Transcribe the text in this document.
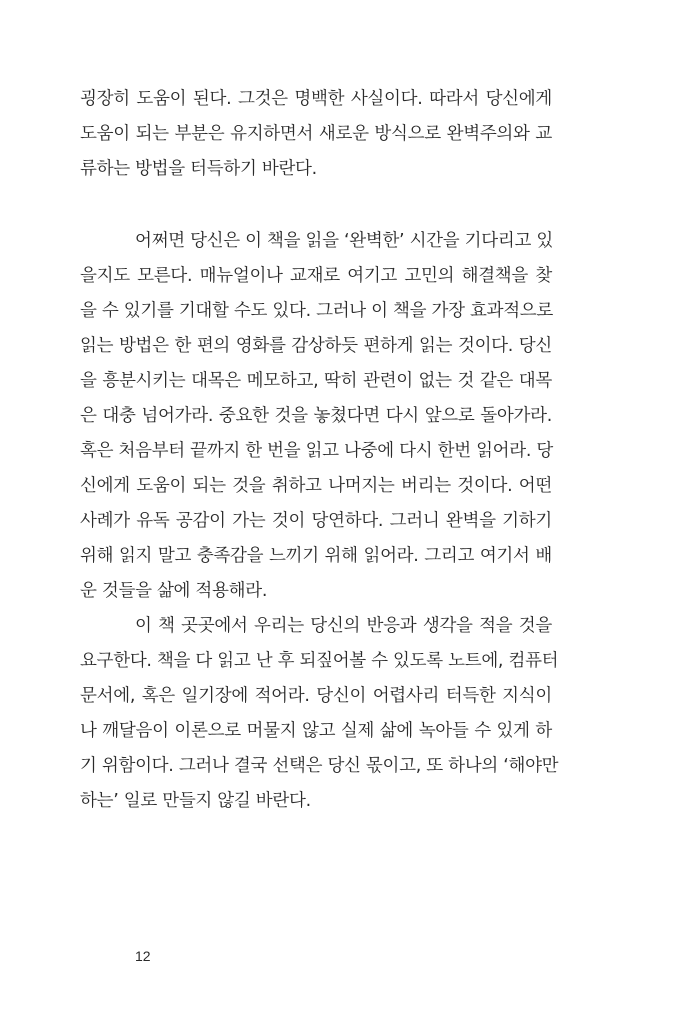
굉장히 도움이 된다. 그것은 명백한 사실이다. 따라서 당신에게
도움이 되는 부분은 유지하면서 새로운 방식으로 완벽주의와 교
류하는 방법을 터득하기 바란다.
어쩌면 당신은 이 책을 읽을 ‘완벽한’ 시간을 기다리고 있
을지도 모른다. 매뉴얼이나 교재로 여기고 고민의 해결책을 찾
을 수 있기를 기대할 수도 있다. 그러나 이 책을 가장 효과적으로
읽는 방법은 한 편의 영화를 감상하듯 편하게 읽는 것이다. 당신
을 흥분시키는 대목은 메모하고, 딱히 관련이 없는 것 같은 대목
은 대충 넘어가라. 중요한 것을 놓쳤다면 다시 앞으로 돌아가라.
혹은 처음부터 끝까지 한 번을 읽고 나중에 다시 한번 읽어라. 당
신에게 도움이 되는 것을 취하고 나머지는 버리는 것이다. 어떤
사례가 유독 공감이 가는 것이 당연하다. 그러니 완벽을 기하기
위해 읽지 말고 충족감을 느끼기 위해 읽어라. 그리고 여기서 배
운 것들을 삶에 적용해라.
이 책 곳곳에서 우리는 당신의 반응과 생각을 적을 것을
요구한다. 책을 다 읽고 난 후 되짚어볼 수 있도록 노트에, 컴퓨터
문서에, 혹은 일기장에 적어라. 당신이 어렵사리 터득한 지식이
나 깨달음이 이론으로 머물지 않고 실제 삶에 녹아들 수 있게 하
기 위함이다. 그러나 결국 선택은 당신 몫이고, 또 하나의 ‘해야만
하는’ 일로 만들지 않길 바란다.
12
